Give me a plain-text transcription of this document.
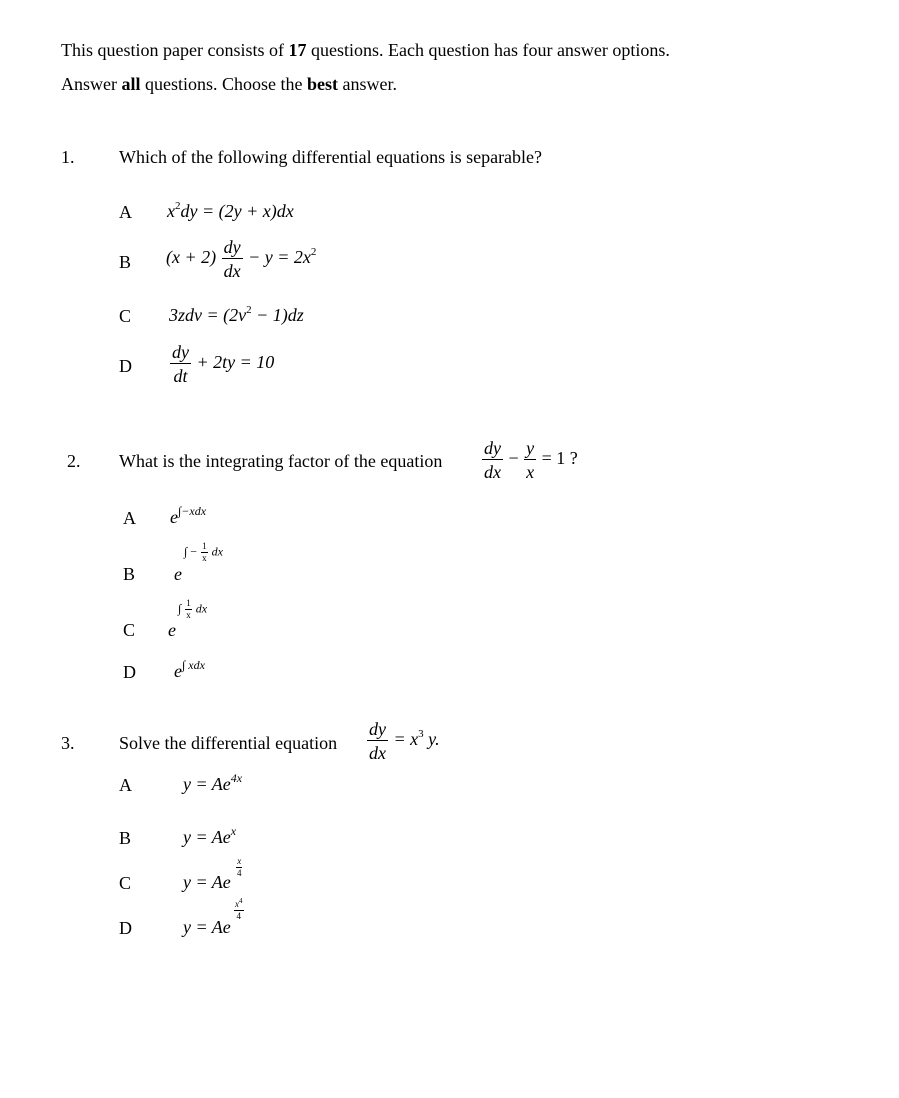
This question paper consists of 17 questions. Each question has four answer options.
Answer all questions. Choose the best answer.
1. Which of the following differential equations is separable?
A $x^2dy = (2y + x)dx$
B $(x + 2) \frac{dy}{dx} - y = 2x^2$
C $3zdv = (2v^2 - 1)dz$
D $\frac{dy}{dt} + 2ty = 10$
2. What is the integrating factor of the equation $\frac{dy}{dx} - \frac{y}{x} = 1$ ?
A $e^{\int-xdx}$
B e
∫ − $\frac{1}{x}$ dx
C e
∫ $\frac{1}{x}$ dx
D $e^{\int xdx}$
3. Solve the differential equation $\frac{dy}{dx} = x^3$ y.
A	$y = Ae^{4x}$
B	$y = Ae^x$
C	y = Ae
$\frac{x}{4}$
D	y = Ae
$\frac{x^4}{4}$
